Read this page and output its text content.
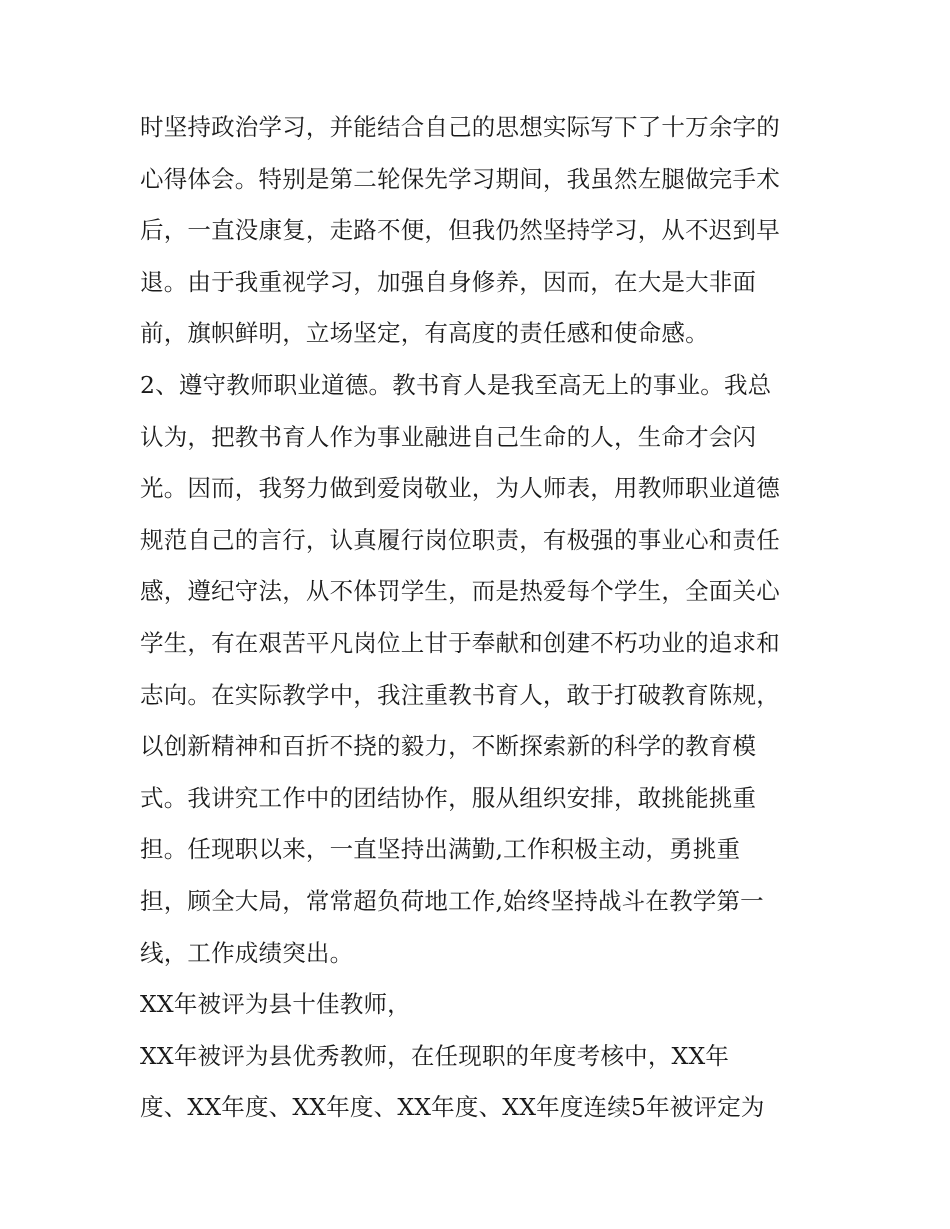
时坚持政治学习，并能结合自己的思想实际写下了十万余字的
心得体会。特别是第二轮保先学习期间，我虽然左腿做完手术
后，一直没康复，走路不便，但我仍然坚持学习，从不迟到早
退。由于我重视学习，加强自身修养，因而，在大是大非面
前，旗帜鲜明，立场坚定，有高度的责任感和使命感。
2、遵守教师职业道德。教书育人是我至高无上的事业。我总
认为，把教书育人作为事业融进自己生命的人，生命才会闪
光。因而，我努力做到爱岗敬业，为人师表，用教师职业道德
规范自己的言行，认真履行岗位职责，有极强的事业心和责任
感，遵纪守法，从不体罚学生，而是热爱每个学生，全面关心
学生，有在艰苦平凡岗位上甘于奉献和创建不朽功业的追求和
志向。在实际教学中，我注重教书育人，敢于打破教育陈规，
以创新精神和百折不挠的毅力，不断探索新的科学的教育模
式。我讲究工作中的团结协作，服从组织安排，敢挑能挑重
担。任现职以来，一直坚持出满勤,工作积极主动，勇挑重
担，顾全大局，常常超负荷地工作,始终坚持战斗在教学第一
线，工作成绩突出。
XX年被评为县十佳教师，
XX年被评为县优秀教师，在任现职的年度考核中，XX年
度、XX年度、XX年度、XX年度、XX年度连续5年被评定为
